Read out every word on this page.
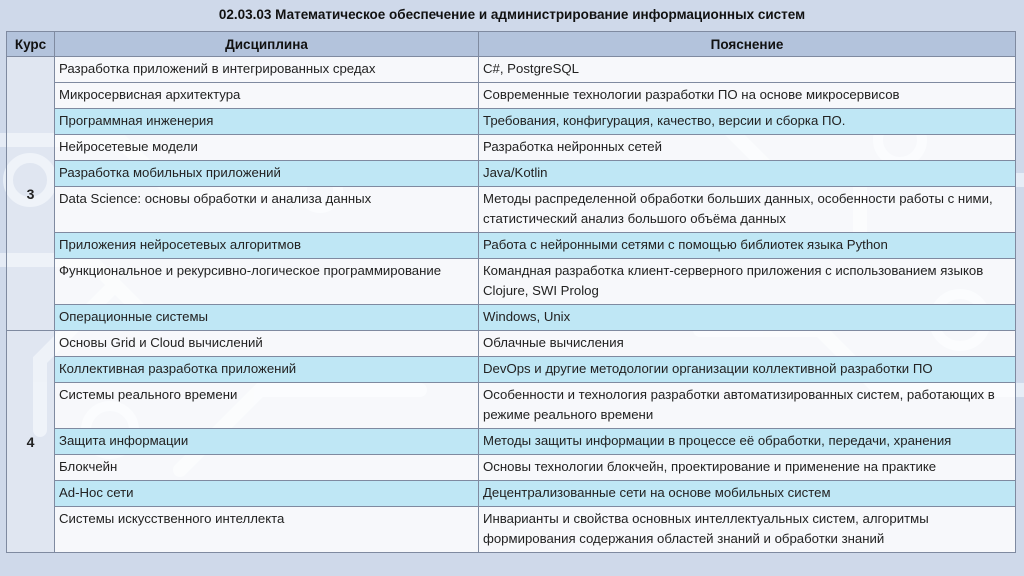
02.03.03 Математическое обеспечение и администрирование информационных систем
Курс	Дисциплина	Пояснение
3	Разработка приложений в интегрированных средах	C#, PostgreSQL
	Микросервисная архитектура	Современные технологии разработки ПО на основе микросервисов
	Программная инженерия	Требования, конфигурация, качество, версии и сборка ПО.
	Нейросетевые модели	Разработка нейронных сетей
	Разработка мобильных приложений	Java/Kotlin
	Data Science: основы обработки и анализа данных	Методы распределенной обработки больших данных, особенности работы с ними, статистический анализ большого объёма данных
	Приложения нейросетевых алгоритмов	Работа с нейронными сетями с помощью библиотек языка Python
	Функциональное и рекурсивно-логическое программирование	Командная разработка клиент-серверного приложения с использованием языков Clojure, SWI Prolog
	Операционные системы	Windows, Unix
4	Основы Grid и Cloud вычислений	Облачные вычисления
	Коллективная разработка приложений	DevOps и другие методологии организации коллективной разработки ПО
	Системы реального времени	Особенности и технология разработки автоматизированных систем, работающих в режиме реального времени
	Защита информации	Методы защиты информации в процессе её обработки, передачи, хранения
	Блокчейн	Основы технологии блокчейн, проектирование и применение на практике
	Ad-Hoc сети	Децентрализованные сети на основе мобильных систем
	Системы искусственного интеллекта	Инварианты и свойства основных интеллектуальных систем, алгоритмы формирования содержания областей знаний и обработки знаний
